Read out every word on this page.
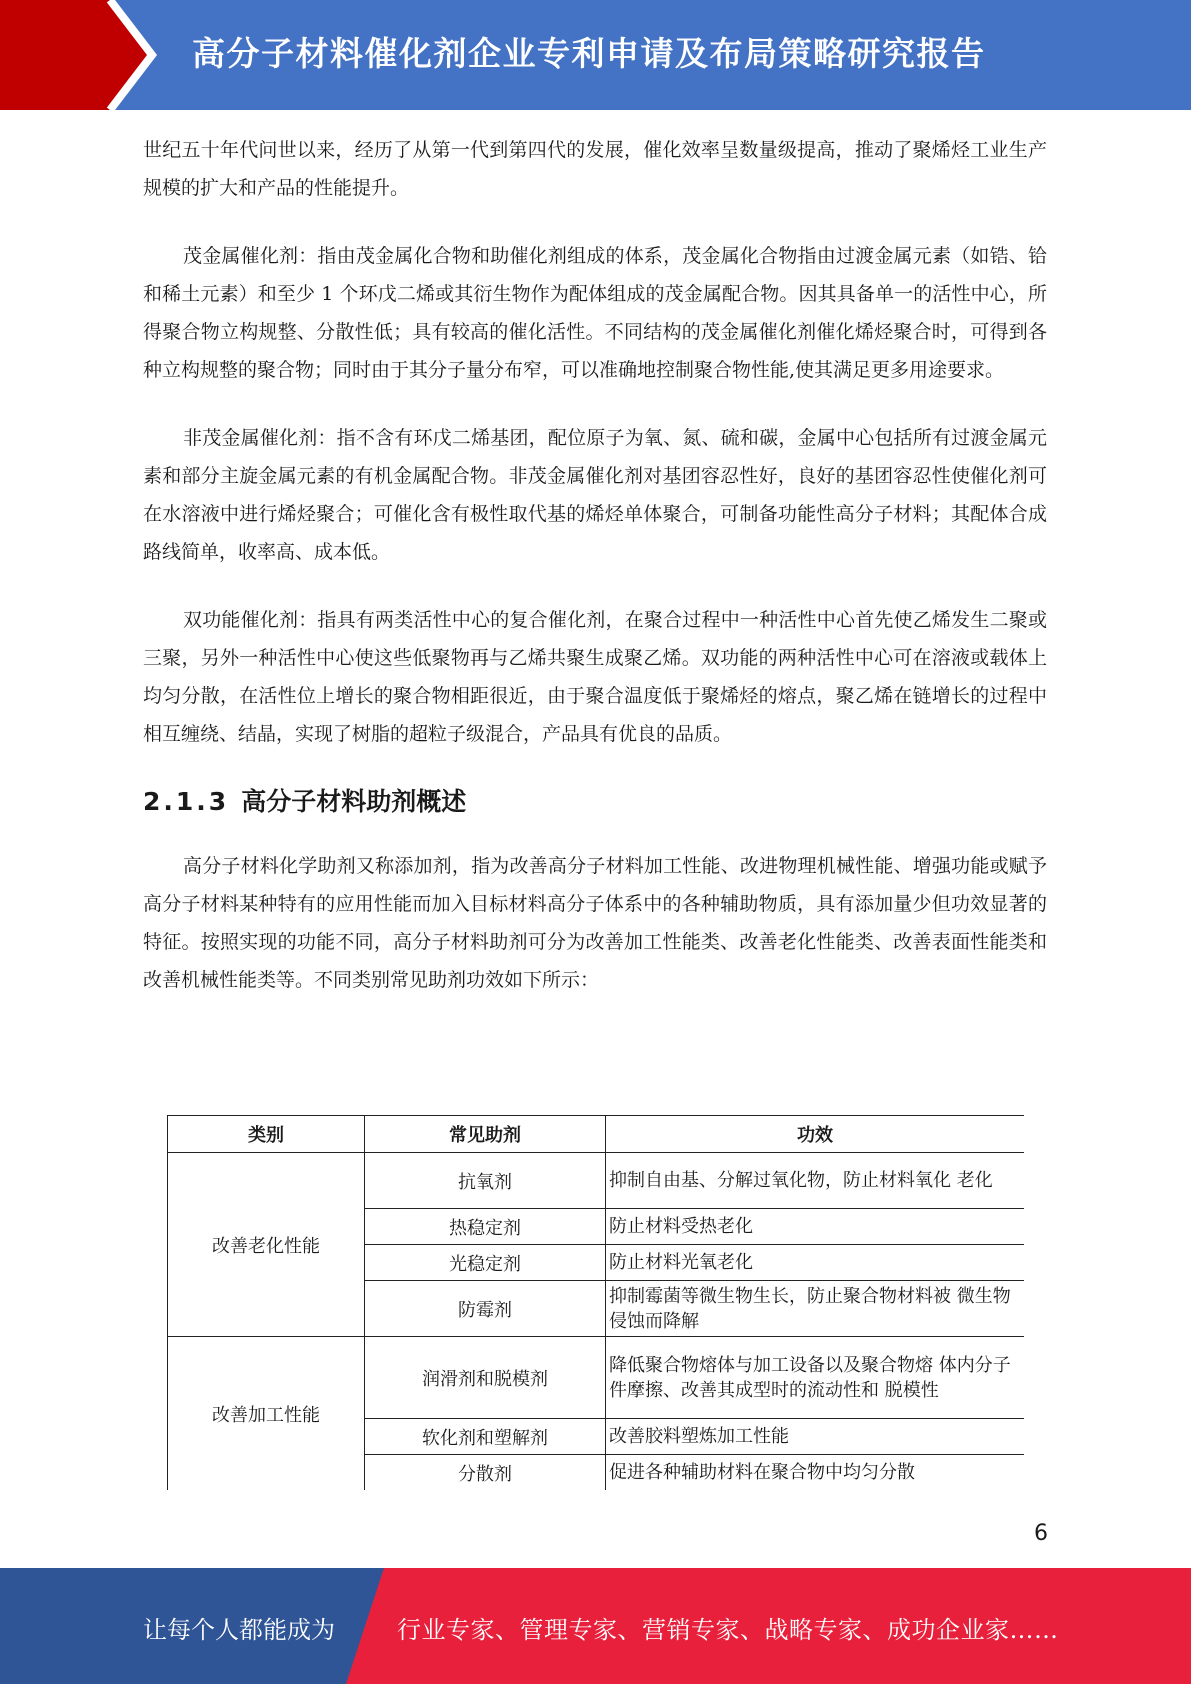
高分子材料催化剂企业专利申请及布局策略研究报告

世纪五十年代问世以来，经历了从第一代到第四代的发展，催化效率呈数量级提高，推动了聚烯烃工业生产规模的扩大和产品的性能提升。

茂金属催化剂：指由茂金属化合物和助催化剂组成的体系，茂金属化合物指由过渡金属元素（如锆、铪和稀土元素）和至少 1 个环戊二烯或其衍生物作为配体组成的茂金属配合物。因其具备单一的活性中心，所得聚合物立构规整、分散性低；具有较高的催化活性。不同结构的茂金属催化剂催化烯烃聚合时，可得到各种立构规整的聚合物；同时由于其分子量分布窄，可以准确地控制聚合物性能,使其满足更多用途要求。

非茂金属催化剂：指不含有环戊二烯基团，配位原子为氧、氮、硫和碳，金属中心包括所有过渡金属元素和部分主旋金属元素的有机金属配合物。非茂金属催化剂对基团容忍性好，良好的基团容忍性使催化剂可在水溶液中进行烯烃聚合；可催化含有极性取代基的烯烃单体聚合，可制备功能性高分子材料；其配体合成路线简单，收率高、成本低。

双功能催化剂：指具有两类活性中心的复合催化剂，在聚合过程中一种活性中心首先使乙烯发生二聚或三聚，另外一种活性中心使这些低聚物再与乙烯共聚生成聚乙烯。双功能的两种活性中心可在溶液或载体上均匀分散，在活性位上增长的聚合物相距很近，由于聚合温度低于聚烯烃的熔点，聚乙烯在链增长的过程中相互缠绕、结晶，实现了树脂的超粒子级混合，产品具有优良的品质。

2.1.3 高分子材料助剂概述

高分子材料化学助剂又称添加剂，指为改善高分子材料加工性能、改进物理机械性能、增强功能或赋予高分子材料某种特有的应用性能而加入目标材料高分子体系中的各种辅助物质，具有添加量少但功效显著的特征。按照实现的功能不同，高分子材料助剂可分为改善加工性能类、改善老化性能类、改善表面性能类和改善机械性能类等。不同类别常见助剂功效如下所示：

类别	常见助剂	功效
改善老化性能	抗氧剂	抑制自由基、分解过氧化物，防止材料氧化 老化
	热稳定剂	防止材料受热老化
	光稳定剂	防止材料光氧老化
	防霉剂	抑制霉菌等微生物生长，防止聚合物材料被 微生物侵蚀而降解
改善加工性能	润滑剂和脱模剂	降低聚合物熔体与加工设备以及聚合物熔 体内分子件摩擦、改善其成型时的流动性和 脱模性
	软化剂和塑解剂	改善胶料塑炼加工性能
	分散剂	促进各种辅助材料在聚合物中均匀分散
6
让每个人都能成为	行业专家、管理专家、营销专家、战略专家、成功企业家……
